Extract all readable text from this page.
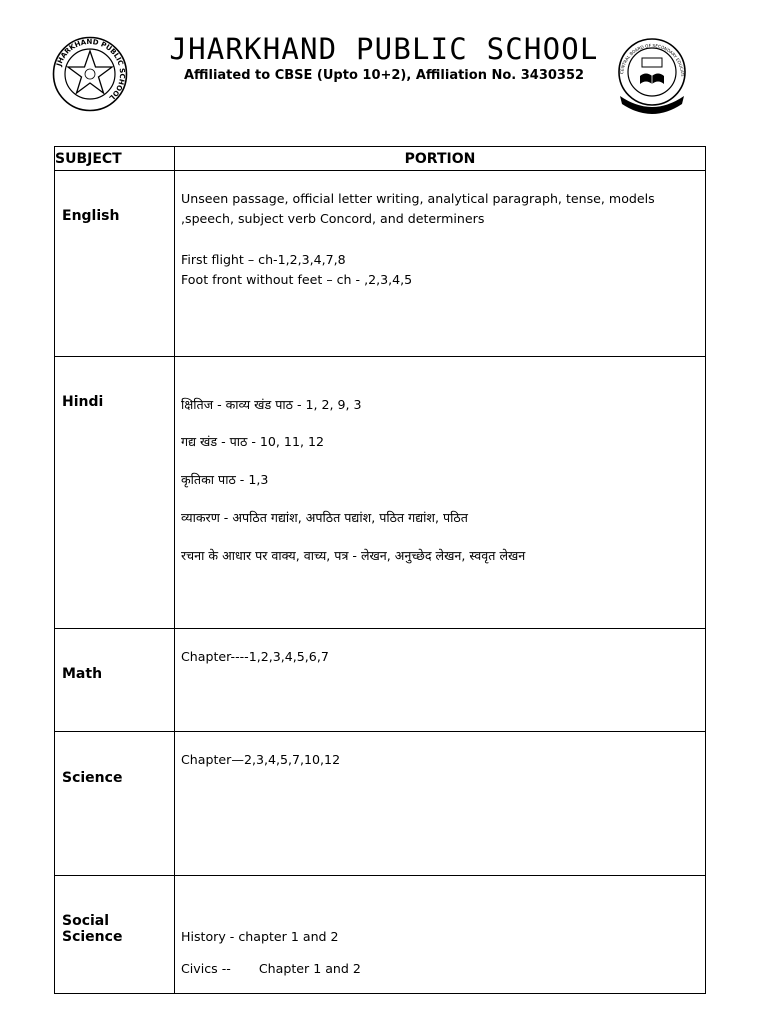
JHARKHAND PUBLIC SCHOOL
CENTRAL BOARD OF SECONDARY EDUCATI
JHARKHAND PUBLIC SCHOOL
Affiliated to CBSE (Upto 10+2), Affiliation No. 3430352
SUBJECT	PORTION

English	Unseen passage, official letter writing, analytical paragraph, tense, models
,speech, subject verb Concord, and determiners
First flight – ch-1,2,3,4,7,8
Foot front without feet – ch - ,2,3,4,5

Hindi	क्षितिज - काव्य खंड पाठ - 1, 2, 9, 3
गद्य खंड - पाठ - 10, 11, 12
कृतिका पाठ - 1,3
व्याकरण - अपठित गद्यांश, अपठित पद्यांश, पठित गद्यांश, पठित
रचना के आधार पर वाक्य, वाच्य, पत्र - लेखन, अनुच्छेद लेखन, स्ववृत लेखन

Math	Chapter----1,2,3,4,5,6,7

Science	Chapter—2,3,4,5,7,10,12

Social Science	History - chapter 1 and 2
Civics --       Chapter 1 and 2
